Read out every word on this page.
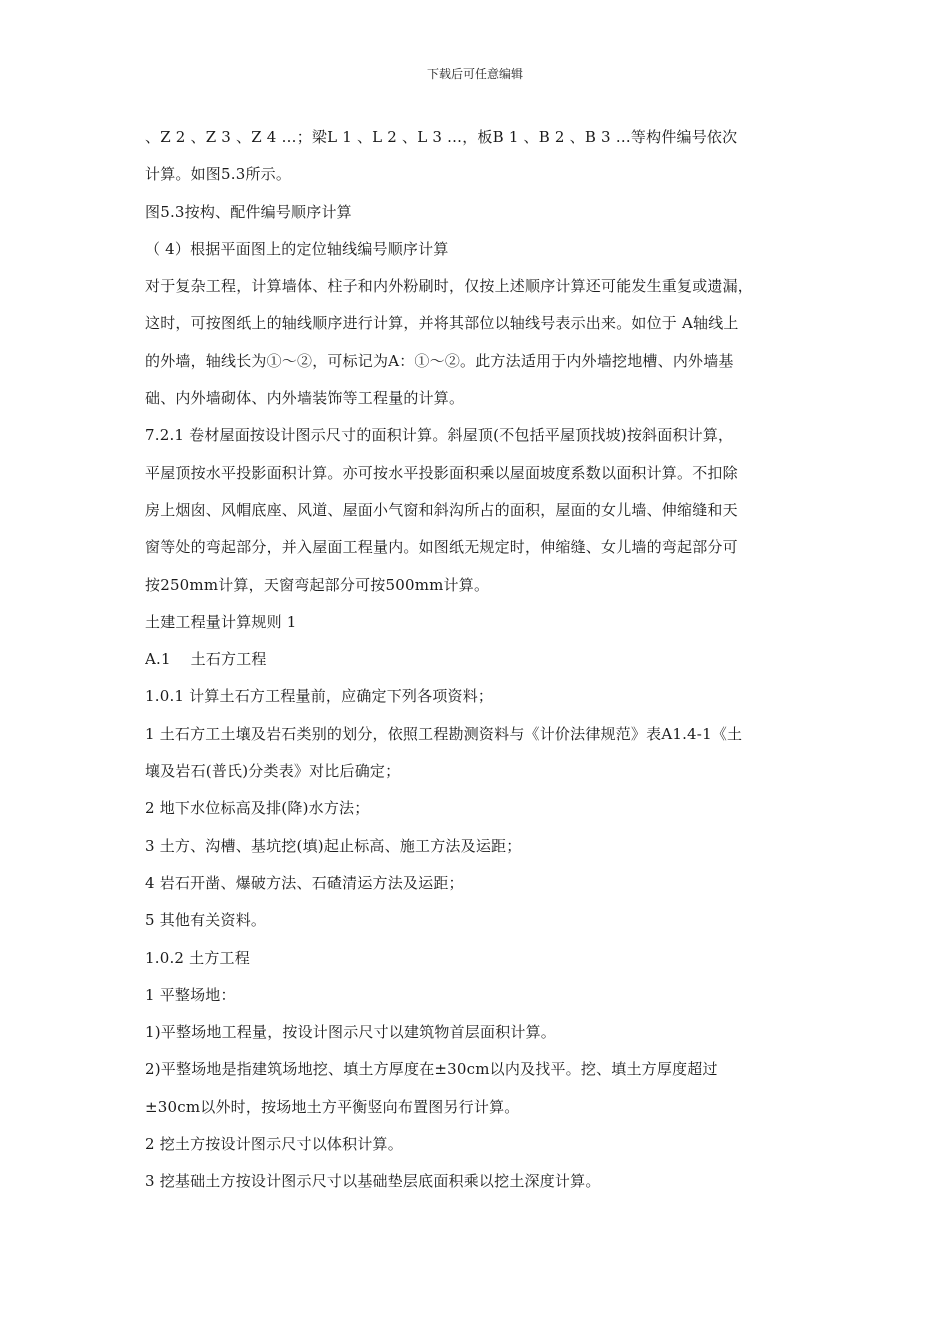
下载后可任意编辑
、Z 2 、Z 3 、Z 4 …；梁L 1 、L 2 、L 3 …，板B 1 、B 2 、B 3 …等构件编号依次
计算。如图5.3所示。
图5.3按构、配件编号顺序计算
（ 4）根据平面图上的定位轴线编号顺序计算
对于复杂工程，计算墙体、柱子和内外粉刷时，仅按上述顺序计算还可能发生重复或遗漏，
这时，可按图纸上的轴线顺序进行计算，并将其部位以轴线号表示出来。如位于 A轴线上
的外墙，轴线长为①～②，可标记为A：①～②。此方法适用于内外墙挖地槽、内外墙基
础、内外墙砌体、内外墙装饰等工程量的计算。
7.2.1 卷材屋面按设计图示尺寸的面积计算。斜屋顶(不包括平屋顶找坡)按斜面积计算，
平屋顶按水平投影面积计算。亦可按水平投影面积乘以屋面坡度系数以面积计算。不扣除
房上烟囱、风帽底座、风道、屋面小气窗和斜沟所占的面积，屋面的女儿墙、伸缩缝和天
窗等处的弯起部分，并入屋面工程量内。如图纸无规定时，伸缩缝、女儿墙的弯起部分可
按250mm计算，天窗弯起部分可按500mm计算。
土建工程量计算规则 1
A.1    土石方工程
1.0.1 计算土石方工程量前，应确定下列各项资料；
1 土石方工土壤及岩石类别的划分，依照工程勘测资料与《计价法律规范》表A1.4-1《土
壤及岩石(普氏)分类表》对比后确定；
2 地下水位标高及排(降)水方法；
3 土方、沟槽、基坑挖(填)起止标高、施工方法及运距；
4 岩石开凿、爆破方法、石碴清运方法及运距；
5 其他有关资料。
1.0.2 土方工程
1 平整场地：
1)平整场地工程量，按设计图示尺寸以建筑物首层面积计算。
2)平整场地是指建筑场地挖、填土方厚度在±30cm以内及找平。挖、填土方厚度超过
±30cm以外时，按场地土方平衡竖向布置图另行计算。
2 挖土方按设计图示尺寸以体积计算。
3 挖基础土方按设计图示尺寸以基础垫层底面积乘以挖土深度计算。
